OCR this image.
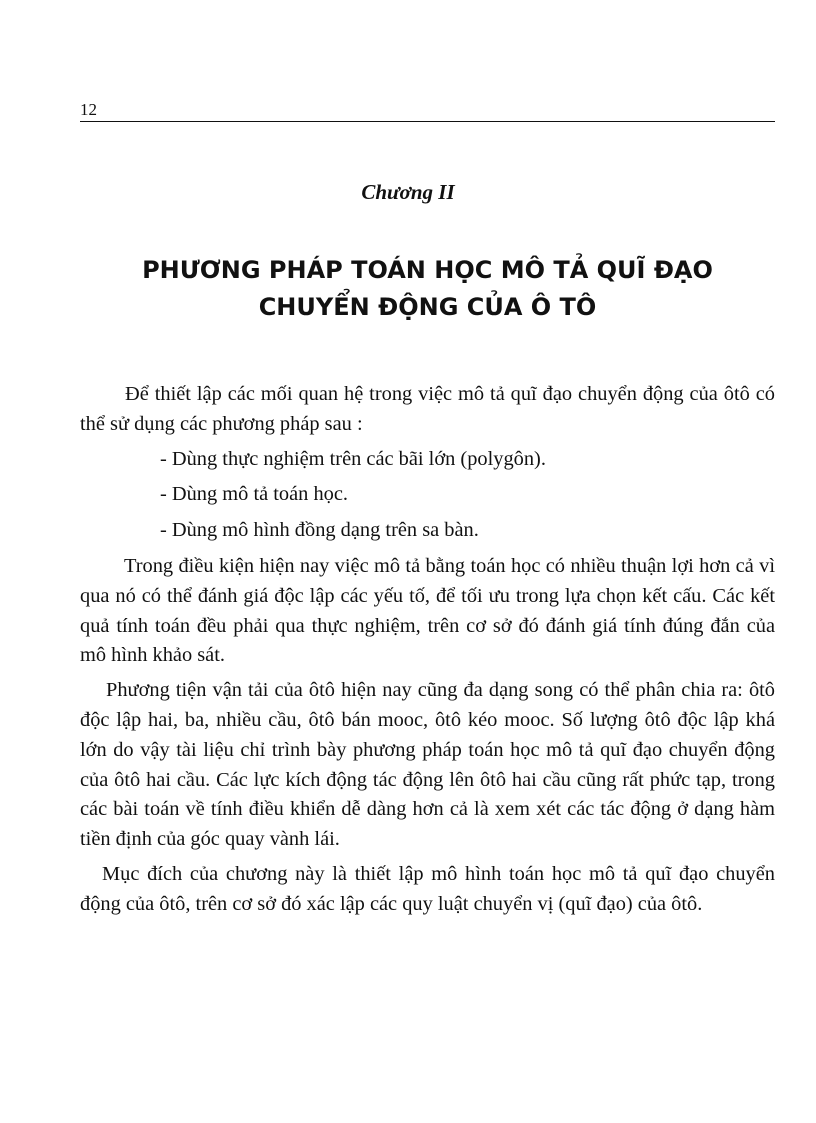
12
Chương II
PHƯƠNG PHÁP TOÁN HỌC MÔ TẢ QUĨ ĐẠO
CHUYỂN ĐỘNG CỦA Ô TÔ

Để thiết lập các mối quan hệ trong việc mô tả quĩ đạo chuyển động của ôtô có thể sử dụng các phương pháp sau :

- Dùng thực nghiệm trên các bãi lớn (polygôn).
- Dùng mô tả toán học.
- Dùng mô hình đồng dạng trên sa bàn.

Trong điều kiện hiện nay việc mô tả bằng toán học có nhiều thuận lợi hơn cả vì qua nó có thể đánh giá độc lập các yếu tố, để tối ưu trong lựa chọn kết cấu. Các kết quả tính toán đều phải qua thực nghiệm, trên cơ sở đó đánh giá tính đúng đắn của mô hình khảo sát.

Phương tiện vận tải của ôtô hiện nay cũng đa dạng song có thể phân chia ra: ôtô độc lập hai, ba, nhiều cầu, ôtô bán mooc, ôtô kéo mooc. Số lượng ôtô độc lập khá lớn do vậy tài liệu chỉ trình bày phương pháp toán học mô tả quĩ đạo chuyển động của ôtô hai cầu. Các lực kích động tác động lên ôtô hai cầu cũng rất phức tạp, trong các bài toán về tính điều khiển dễ dàng hơn cả là xem xét các tác động ở dạng hàm tiền định của góc quay vành lái.

Mục đích của chương này là thiết lập mô hình toán học mô tả quĩ đạo chuyển động của ôtô, trên cơ sở đó xác lập các quy luật chuyển vị (quĩ đạo) của ôtô.
